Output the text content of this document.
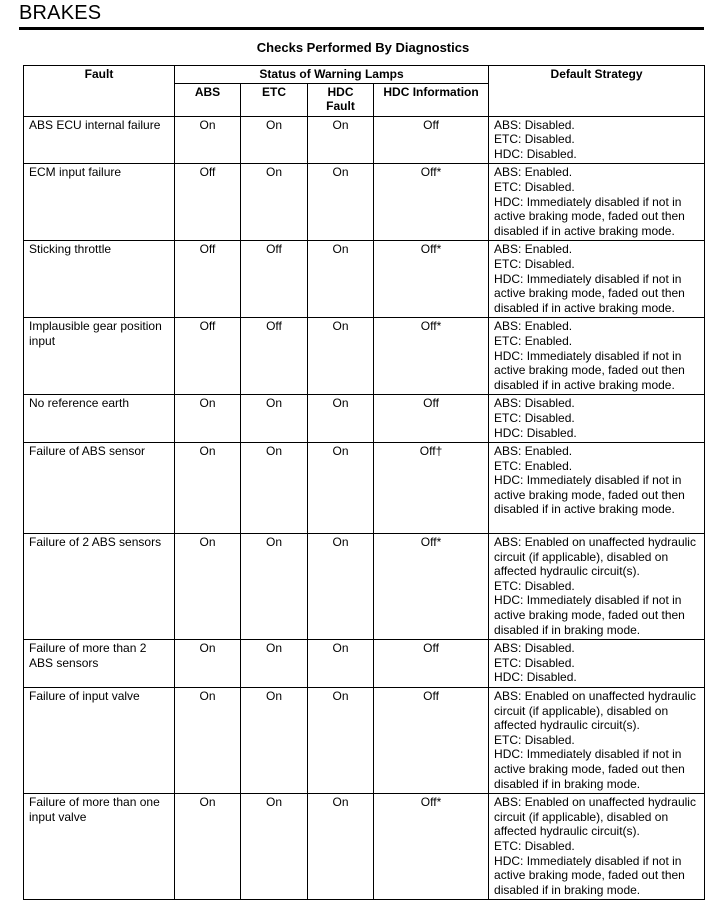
BRAKES
Checks Performed By Diagnostics
Fault	Status of Warning Lamps				Default Strategy
	ABS	ETC	HDC Fault	HDC Information	
ABS ECU internal failure	On	On	On	Off	ABS: Disabled.
ETC: Disabled.
HDC: Disabled.

ECM input failure	Off	On	On	Off*	ABS: Enabled.
ETC: Disabled.
HDC: Immediately disabled if not in active braking mode, faded out then disabled if in active braking mode.

Sticking throttle	Off	Off	On	Off*	ABS: Enabled.
ETC: Disabled.
HDC: Immediately disabled if not in active braking mode, faded out then disabled if in active braking mode.

Implausible gear position input	Off	Off	On	Off*	ABS: Enabled.
ETC: Enabled.
HDC: Immediately disabled if not in active braking mode, faded out then disabled if in active braking mode.

No reference earth	On	On	On	Off	ABS: Disabled.
ETC: Disabled.
HDC: Disabled.

Failure of ABS sensor	On	On	On	Off†	ABS: Enabled.
ETC: Enabled.
HDC: Immediately disabled if not in active braking mode, faded out then disabled if in active braking mode.

Failure of 2 ABS sensors	On	On	On	Off*	ABS: Enabled on unaffected hydraulic circuit (if applicable), disabled on affected hydraulic circuit(s).
ETC: Disabled.
HDC: Immediately disabled if not in active braking mode, faded out then disabled if in braking mode.

Failure of more than 2 ABS sensors	On	On	On	Off	ABS: Disabled.
ETC: Disabled.
HDC: Disabled.

Failure of input valve	On	On	On	Off	ABS: Enabled on unaffected hydraulic circuit (if applicable), disabled on affected hydraulic circuit(s).
ETC: Disabled.
HDC: Immediately disabled if not in active braking mode, faded out then disabled if in braking mode.

Failure of more than one input valve	On	On	On	Off*	ABS: Enabled on unaffected hydraulic circuit (if applicable), disabled on affected hydraulic circuit(s).
ETC: Disabled.
HDC: Immediately disabled if not in active braking mode, faded out then disabled if in braking mode.
